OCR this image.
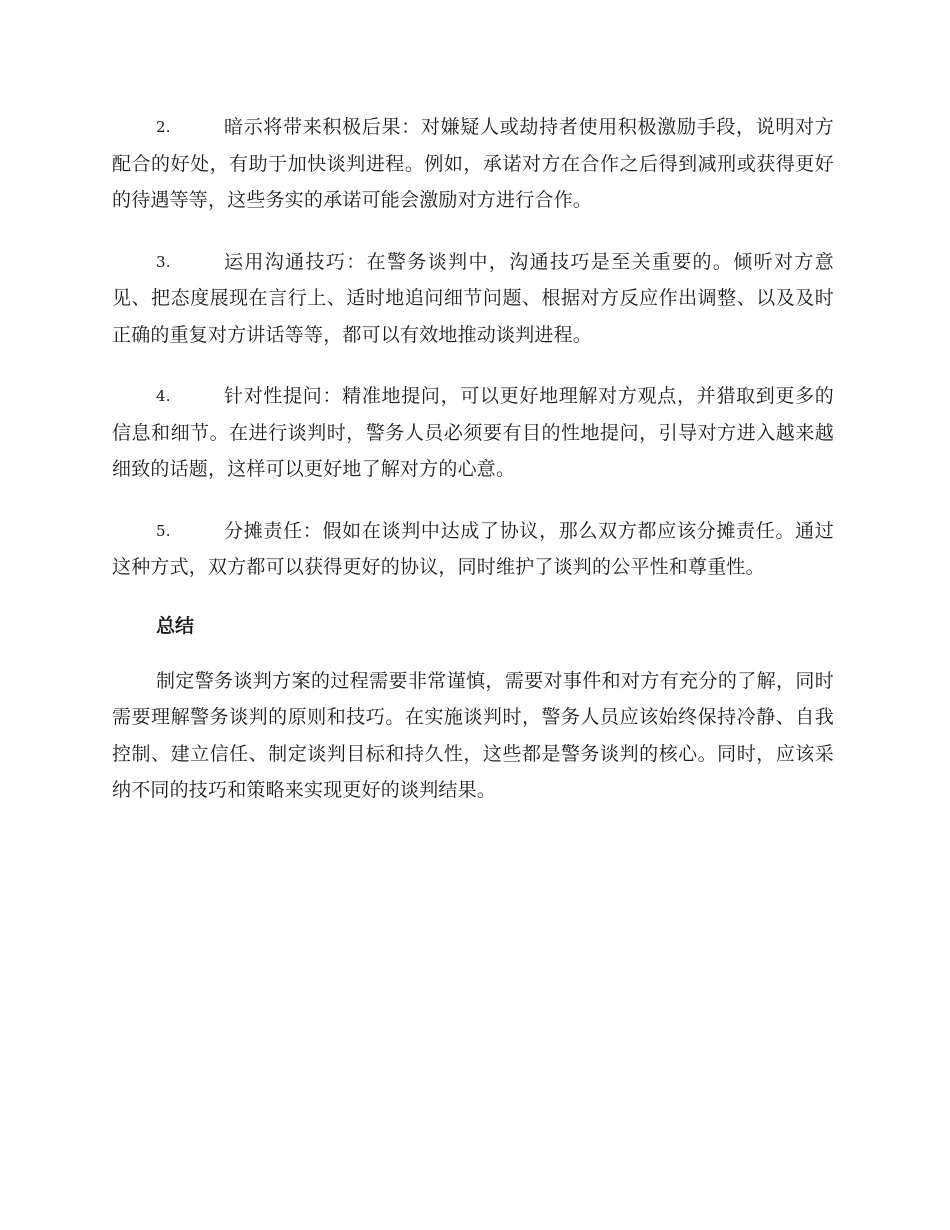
2.	暗示将带来积极后果：对嫌疑人或劫持者使用积极激励手段，说明对方配合的好处，有助于加快谈判进程。例如，承诺对方在合作之后得到减刑或获得更好的待遇等等，这些务实的承诺可能会激励对方进行合作。
3.	运用沟通技巧：在警务谈判中，沟通技巧是至关重要的。倾听对方意见、把态度展现在言行上、适时地追问细节问题、根据对方反应作出调整、以及及时正确的重复对方讲话等等，都可以有效地推动谈判进程。
4.	针对性提问：精准地提问，可以更好地理解对方观点，并猎取到更多的信息和细节。在进行谈判时，警务人员必须要有目的性地提问，引导对方进入越来越细致的话题，这样可以更好地了解对方的心意。
5.	分摊责任：假如在谈判中达成了协议，那么双方都应该分摊责任。通过这种方式，双方都可以获得更好的协议，同时维护了谈判的公平性和尊重性。
总结

制定警务谈判方案的过程需要非常谨慎，需要对事件和对方有充分的了解，同时需要理解警务谈判的原则和技巧。在实施谈判时，警务人员应该始终保持冷静、自我控制、建立信任、制定谈判目标和持久性，这些都是警务谈判的核心。同时，应该采纳不同的技巧和策略来实现更好的谈判结果。
